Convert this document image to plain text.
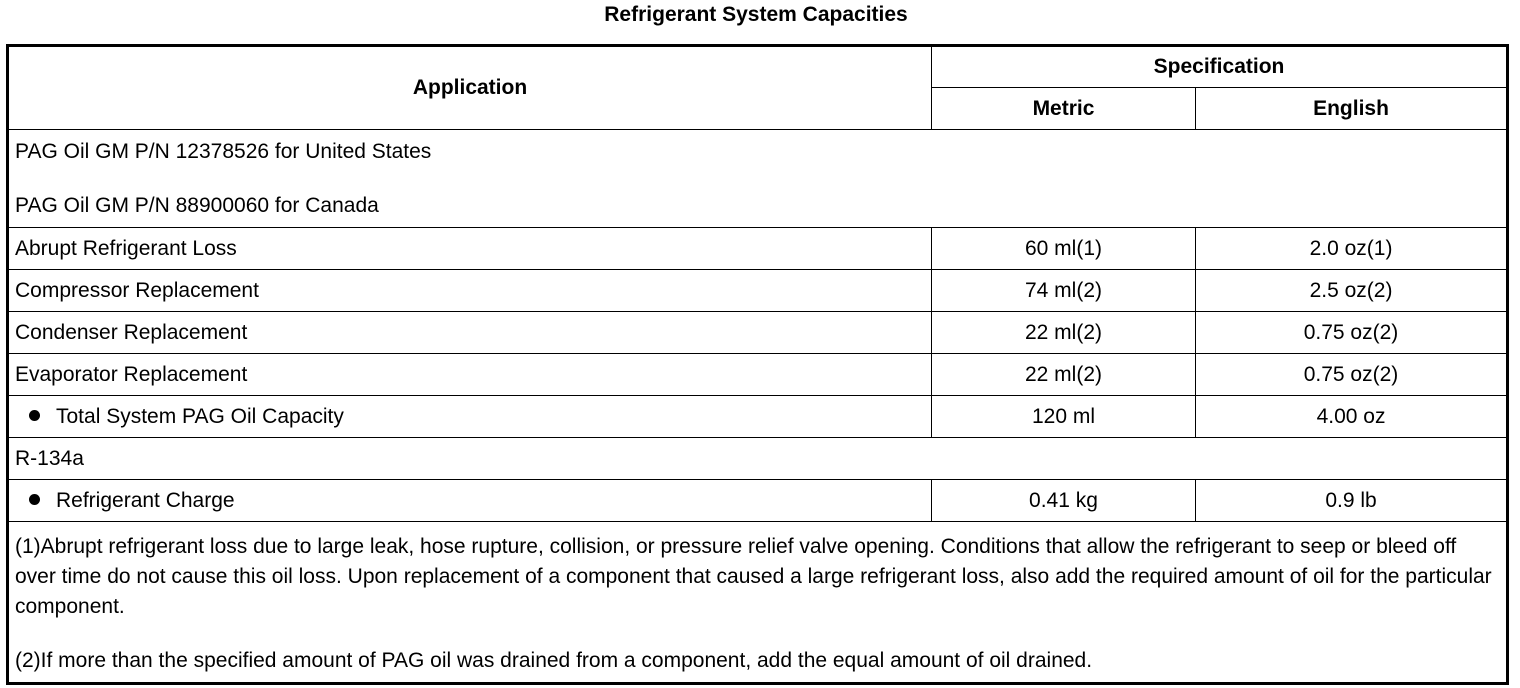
Refrigerant System Capacities
Application	Specification	
	Metric	English

PAG Oil GM P/N 12378526 for United States
PAG Oil GM P/N 88900060 for Canada		

Abrupt Refrigerant Loss	60 ml(1)	2.0 oz(1)
Compressor Replacement	74 ml(2)	2.5 oz(2)
Condenser Replacement	22 ml(2)	0.75 oz(2)
Evaporator Replacement	22 ml(2)	0.75 oz(2)
Total System PAG Oil Capacity	120 ml	4.00 oz
R-134a		
Refrigerant Charge	0.41 kg	0.9 lb

(1)Abrupt refrigerant loss due to large leak, hose rupture, collision, or pressure relief valve opening. Conditions that allow the refrigerant to seep or bleed off over time do not cause this oil loss. Upon replacement of a component that caused a large refrigerant loss, also add the required amount of oil for the particular component.

(2)If more than the specified amount of PAG oil was drained from a component, add the equal amount of oil drained.		
